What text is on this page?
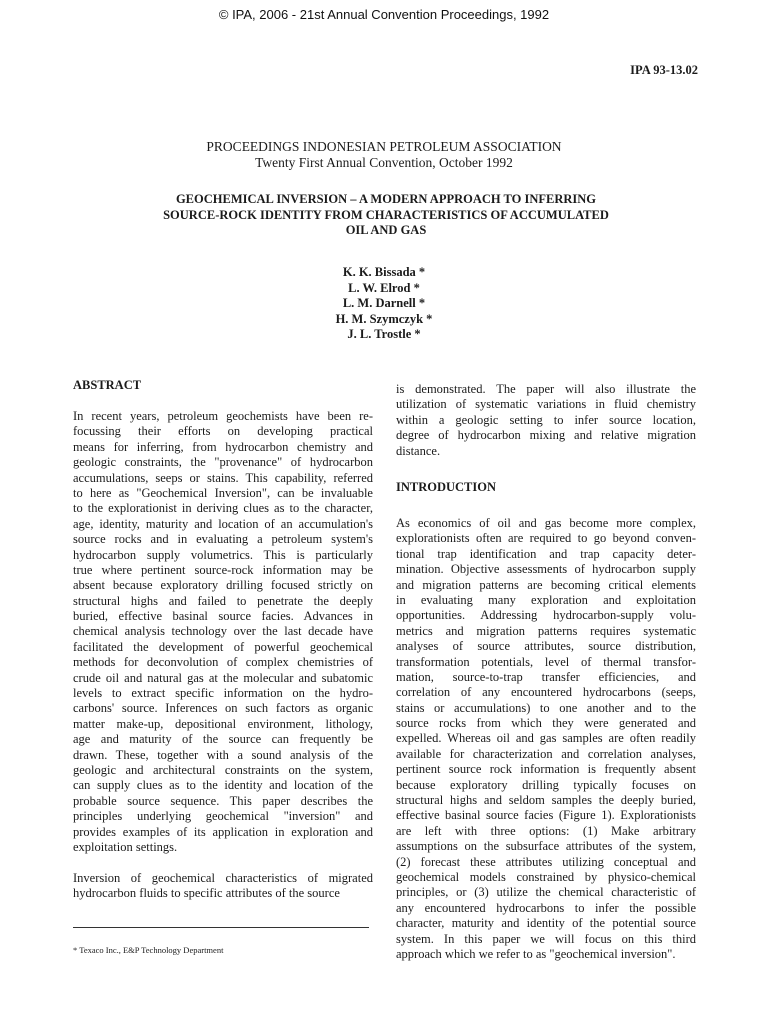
© IPA, 2006 - 21st Annual Convention Proceedings, 1992
IPA 93-13.02
PROCEEDINGS INDONESIAN PETROLEUM ASSOCIATION
Twenty First Annual Convention, October 1992
GEOCHEMICAL INVERSION – A MODERN APPROACH TO INFERRING
SOURCE-ROCK IDENTITY FROM CHARACTERISTICS OF ACCUMULATED
OIL AND GAS
K. K. Bissada *
L. W. Elrod *
L. M. Darnell *
H. M. Szymczyk *
J. L. Trostle *
ABSTRACT
In recent years, petroleum geochemists have been re-
focussing their efforts on developing practical
means for inferring, from hydrocarbon chemistry and
geologic constraints, the "provenance" of hydrocarbon
accumulations, seeps or stains. This capability, referred
to here as "Geochemical Inversion", can be invaluable
to the explorationist in deriving clues as to the character,
age, identity, maturity and location of an accumulation's
source rocks and in evaluating a petroleum system's
hydrocarbon supply volumetrics. This is particularly
true where pertinent source-rock information may be
absent because exploratory drilling focused strictly on
structural highs and failed to penetrate the deeply
buried, effective basinal source facies. Advances in
chemical analysis technology over the last decade have
facilitated the development of powerful geochemical
methods for deconvolution of complex chemistries of
crude oil and natural gas at the molecular and subatomic
levels to extract specific information on the hydro-
carbons' source. Inferences on such factors as organic
matter make-up, depositional environment, lithology,
age and maturity of the source can frequently be
drawn. These, together with a sound analysis of the
geologic and architectural constraints on the system,
can supply clues as to the identity and location of the
probable source sequence. This paper describes the
principles underlying geochemical "inversion" and
provides examples of its application in exploration and
exploitation settings.
Inversion of geochemical characteristics of migrated
hydrocarbon fluids to specific attributes of the source
* Texaco Inc., E&P Technology Department
is demonstrated. The paper will also illustrate the
utilization of systematic variations in fluid chemistry
within a geologic setting to infer source location,
degree of hydrocarbon mixing and relative migration
distance.
INTRODUCTION
As economics of oil and gas become more complex,
explorationists often are required to go beyond conven-
tional trap identification and trap capacity deter-
mination. Objective assessments of hydrocarbon supply
and migration patterns are becoming critical elements
in evaluating many exploration and exploitation
opportunities. Addressing hydrocarbon-supply volu-
metrics and migration patterns requires systematic
analyses of source attributes, source distribution,
transformation potentials, level of thermal transfor-
mation, source-to-trap transfer efficiencies, and
correlation of any encountered hydrocarbons (seeps,
stains or accumulations) to one another and to the
source rocks from which they were generated and
expelled. Whereas oil and gas samples are often readily
available for characterization and correlation analyses,
pertinent source rock information is frequently absent
because exploratory drilling typically focuses on
structural highs and seldom samples the deeply buried,
effective basinal source facies (Figure 1). Explorationists
are left with three options: (1) Make arbitrary
assumptions on the subsurface attributes of the system,
(2) forecast these attributes utilizing conceptual and
geochemical models constrained by physico-chemical
principles, or (3) utilize the chemical characteristic of
any encountered hydrocarbons to infer the possible
character, maturity and identity of the potential source
system. In this paper we will focus on this third
approach which we refer to as "geochemical inversion".
